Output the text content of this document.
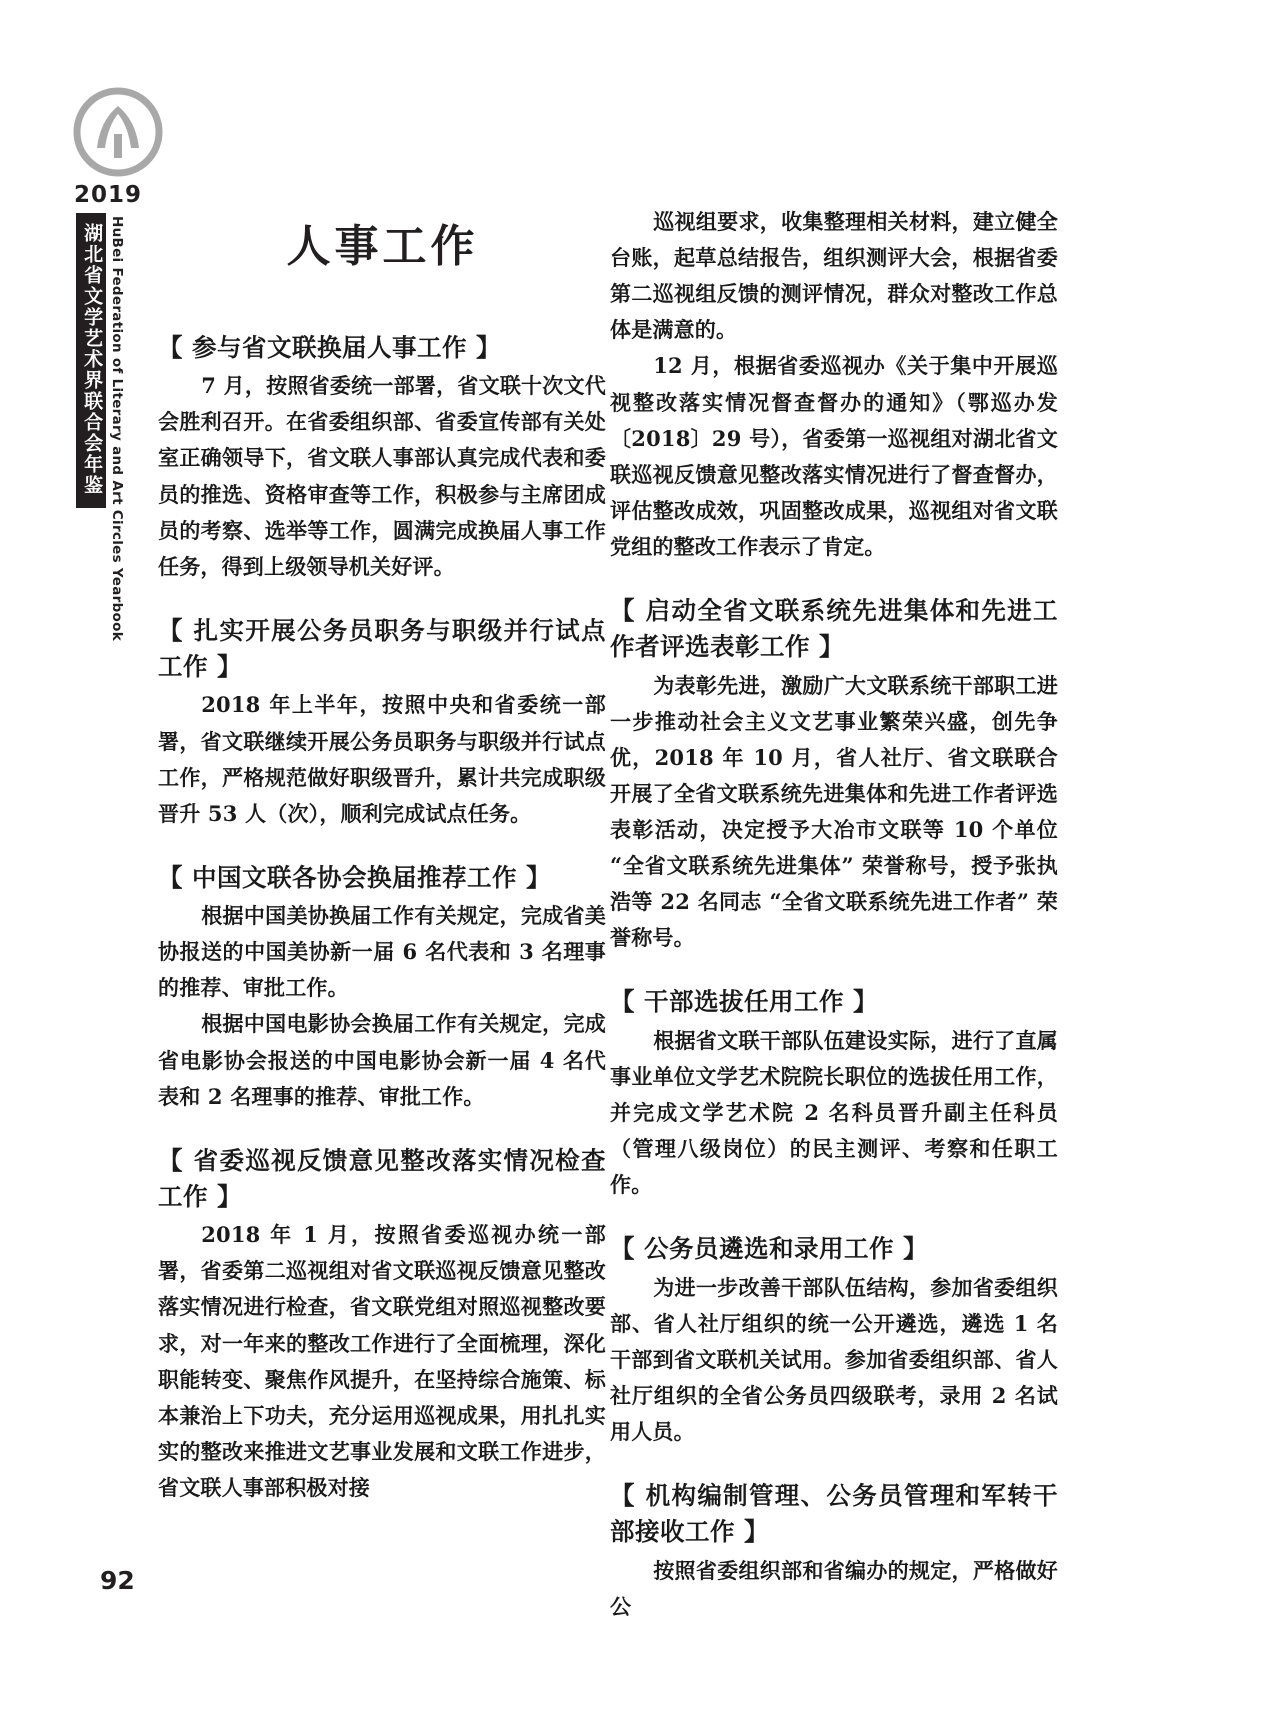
2019
湖北省文学艺术界联合会年鉴 HuBei Federation of Literary and Art Circles Yearbook	人事工作
【 参与省文联换届人事工作 】

7 月，按照省委统一部署，省文联十次文代会胜利召开。在省委组织部、省委宣传部有关处室正确领导下，省文联人事部认真完成代表和委员的推选、资格审查等工作，积极参与主席团成员的考察、选举等工作，圆满完成换届人事工作任务，得到上级领导机关好评。

【 扎实开展公务员职务与职级并行试点工作 】

2018 年上半年，按照中央和省委统一部署，省文联继续开展公务员职务与职级并行试点工作，严格规范做好职级晋升，累计共完成职级晋升 53 人（次），顺利完成试点任务。

【 中国文联各协会换届推荐工作 】

根据中国美协换届工作有关规定，完成省美协报送的中国美协新一届 6 名代表和 3 名理事的推荐、审批工作。

根据中国电影协会换届工作有关规定，完成省电影协会报送的中国电影协会新一届 4 名代表和 2 名理事的推荐、审批工作。

【 省委巡视反馈意见整改落实情况检查工作 】

2018 年 1 月，按照省委巡视办统一部署，省委第二巡视组对省文联巡视反馈意见整改落实情况进行检查，省文联党组对照巡视整改要求，对一年来的整改工作进行了全面梳理，深化职能转变、聚焦作风提升，在坚持综合施策、标本兼治上下功夫，充分运用巡视成果，用扎扎实实的整改来推进文艺事业发展和文联工作进步，省文联人事部积极对接

巡视组要求，收集整理相关材料，建立健全台账，起草总结报告，组织测评大会，根据省委第二巡视组反馈的测评情况，群众对整改工作总体是满意的。

12 月，根据省委巡视办《关于集中开展巡视整改落实情况督查督办的通知》（鄂巡办发〔2018〕29 号），省委第一巡视组对湖北省文联巡视反馈意见整改落实情况进行了督查督办，评估整改成效，巩固整改成果，巡视组对省文联党组的整改工作表示了肯定。

【 启动全省文联系统先进集体和先进工作者评选表彰工作 】

为表彰先进，激励广大文联系统干部职工进一步推动社会主义文艺事业繁荣兴盛，创先争优，2018 年 10 月，省人社厅、省文联联合开展了全省文联系统先进集体和先进工作者评选表彰活动，决定授予大冶市文联等 10 个单位 “全省文联系统先进集体” 荣誉称号，授予张执浩等 22 名同志 “全省文联系统先进工作者” 荣誉称号。

【 干部选拔任用工作 】

根据省文联干部队伍建设实际，进行了直属事业单位文学艺术院院长职位的选拔任用工作，并完成文学艺术院 2 名科员晋升副主任科员（管理八级岗位）的民主测评、考察和任职工作。

【 公务员遴选和录用工作 】

为进一步改善干部队伍结构，参加省委组织部、省人社厅组织的统一公开遴选，遴选 1 名干部到省文联机关试用。参加省委组织部、省人社厅组织的全省公务员四级联考，录用 2 名试用人员。

【 机构编制管理、公务员管理和军转干部接收工作 】

按照省委组织部和省编办的规定，严格做好公

92
